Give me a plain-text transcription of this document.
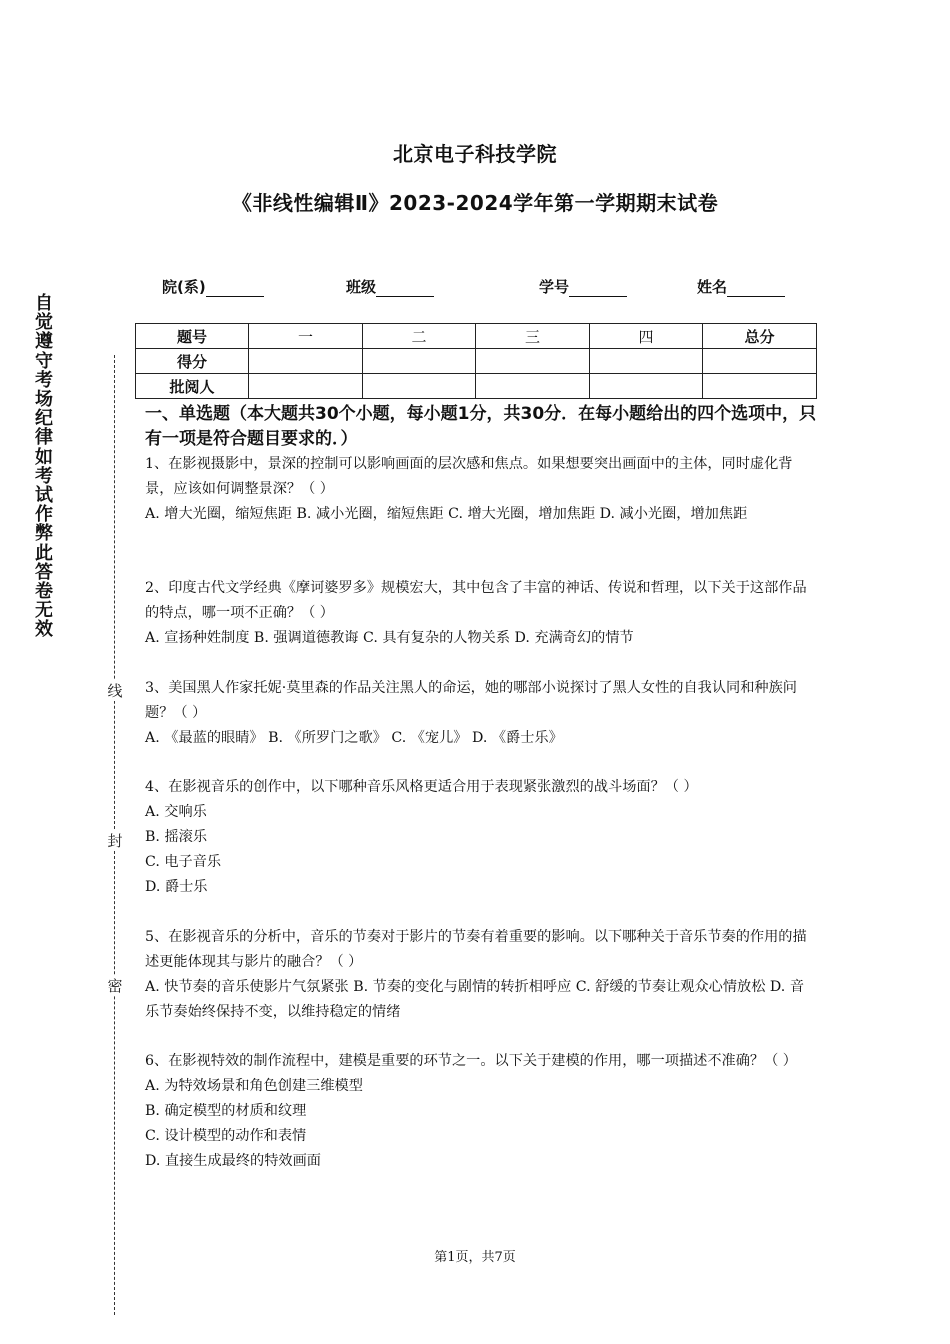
北京电子科技学院
《非线性编辑Ⅱ》2023-2024学年第一学期期末试卷
院(系)	班级	学号	姓名
题号	一	二	三	四	总分
得分					
批阅人					
自
觉
遵
守
考
场
纪
律
如
考
试
作
弊
此
答
卷
无
效
线
封
密
一、单选题（本大题共30个小题，每小题1分，共30分．在每小题给出的四个选项中，只有一项是符合题目要求的．）

1、在影视摄影中，景深的控制可以影响画面的层次感和焦点。如果想要突出画面中的主体，同时虚化背景，应该如何调整景深？（ ）

A. 增大光圈，缩短焦距 B. 减小光圈，缩短焦距 C. 增大光圈，增加焦距 D. 减小光圈，增加焦距

2、印度古代文学经典《摩诃婆罗多》规模宏大，其中包含了丰富的神话、传说和哲理，以下关于这部作品的特点，哪一项不正确？（ ）

A. 宣扬种姓制度 B. 强调道德教诲 C. 具有复杂的人物关系 D. 充满奇幻的情节

3、美国黑人作家托妮·莫里森的作品关注黑人的命运，她的哪部小说探讨了黑人女性的自我认同和种族问题？（ ）

A. 《最蓝的眼睛》 B. 《所罗门之歌》 C. 《宠儿》 D. 《爵士乐》

4、在影视音乐的创作中，以下哪种音乐风格更适合用于表现紧张激烈的战斗场面？（ ）

A. 交响乐

B. 摇滚乐

C. 电子音乐

D. 爵士乐

5、在影视音乐的分析中，音乐的节奏对于影片的节奏有着重要的影响。以下哪种关于音乐节奏的作用的描述更能体现其与影片的融合？（ ）

A. 快节奏的音乐使影片气氛紧张 B. 节奏的变化与剧情的转折相呼应 C. 舒缓的节奏让观众心情放松 D. 音乐节奏始终保持不变，以维持稳定的情绪

6、在影视特效的制作流程中，建模是重要的环节之一。以下关于建模的作用，哪一项描述不准确？（ ）

A. 为特效场景和角色创建三维模型

B. 确定模型的材质和纹理

C. 设计模型的动作和表情

D. 直接生成最终的特效画面

第1页，共7页
